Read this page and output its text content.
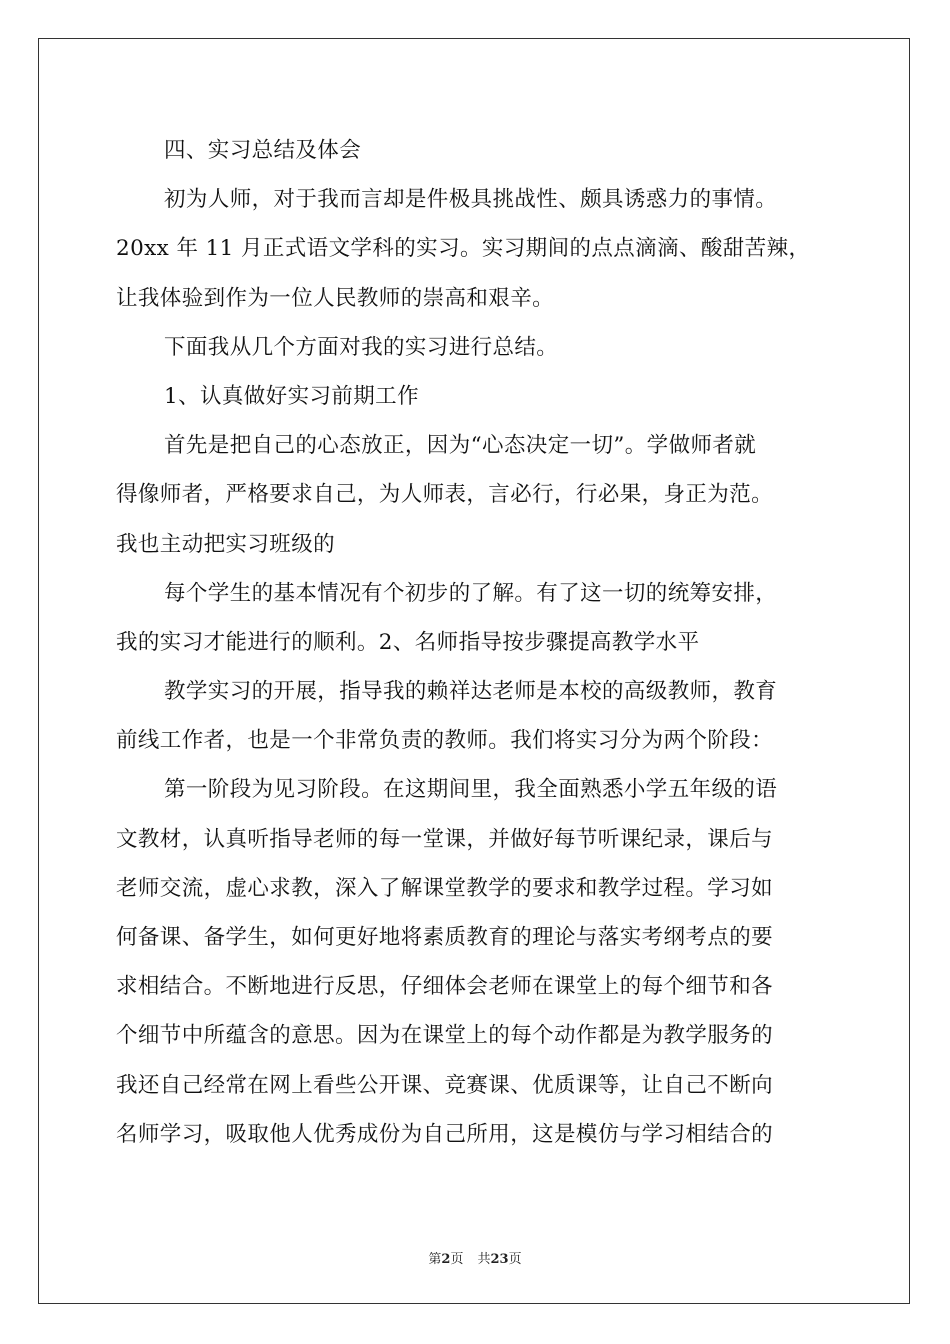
四、实习总结及体会
初为人师，对于我而言却是件极具挑战性、颇具诱惑力的事情。
20xx 年 11 月正式语文学科的实习。实习期间的点点滴滴、酸甜苦辣，
让我体验到作为一位人民教师的崇高和艰辛。
下面我从几个方面对我的实习进行总结。
1、认真做好实习前期工作
首先是把自己的心态放正，因为“心态决定一切”。学做师者就
得像师者，严格要求自己，为人师表，言必行，行必果，身正为范。
我也主动把实习班级的
每个学生的基本情况有个初步的了解。有了这一切的统筹安排，
我的实习才能进行的顺利。2、名师指导按步骤提高教学水平
教学实习的开展，指导我的赖祥达老师是本校的高级教师，教育
前线工作者，也是一个非常负责的教师。我们将实习分为两个阶段：
第一阶段为见习阶段。在这期间里，我全面熟悉小学五年级的语
文教材，认真听指导老师的每一堂课，并做好每节听课纪录，课后与
老师交流，虚心求教，深入了解课堂教学的要求和教学过程。学习如
何备课、备学生，如何更好地将素质教育的理论与落实考纲考点的要
求相结合。不断地进行反思，仔细体会老师在课堂上的每个细节和各
个细节中所蕴含的意思。因为在课堂上的每个动作都是为教学服务的
我还自己经常在网上看些公开课、竞赛课、优质课等，让自己不断向
名师学习，吸取他人优秀成份为自己所用，这是模仿与学习相结合的
第2页 共23页
